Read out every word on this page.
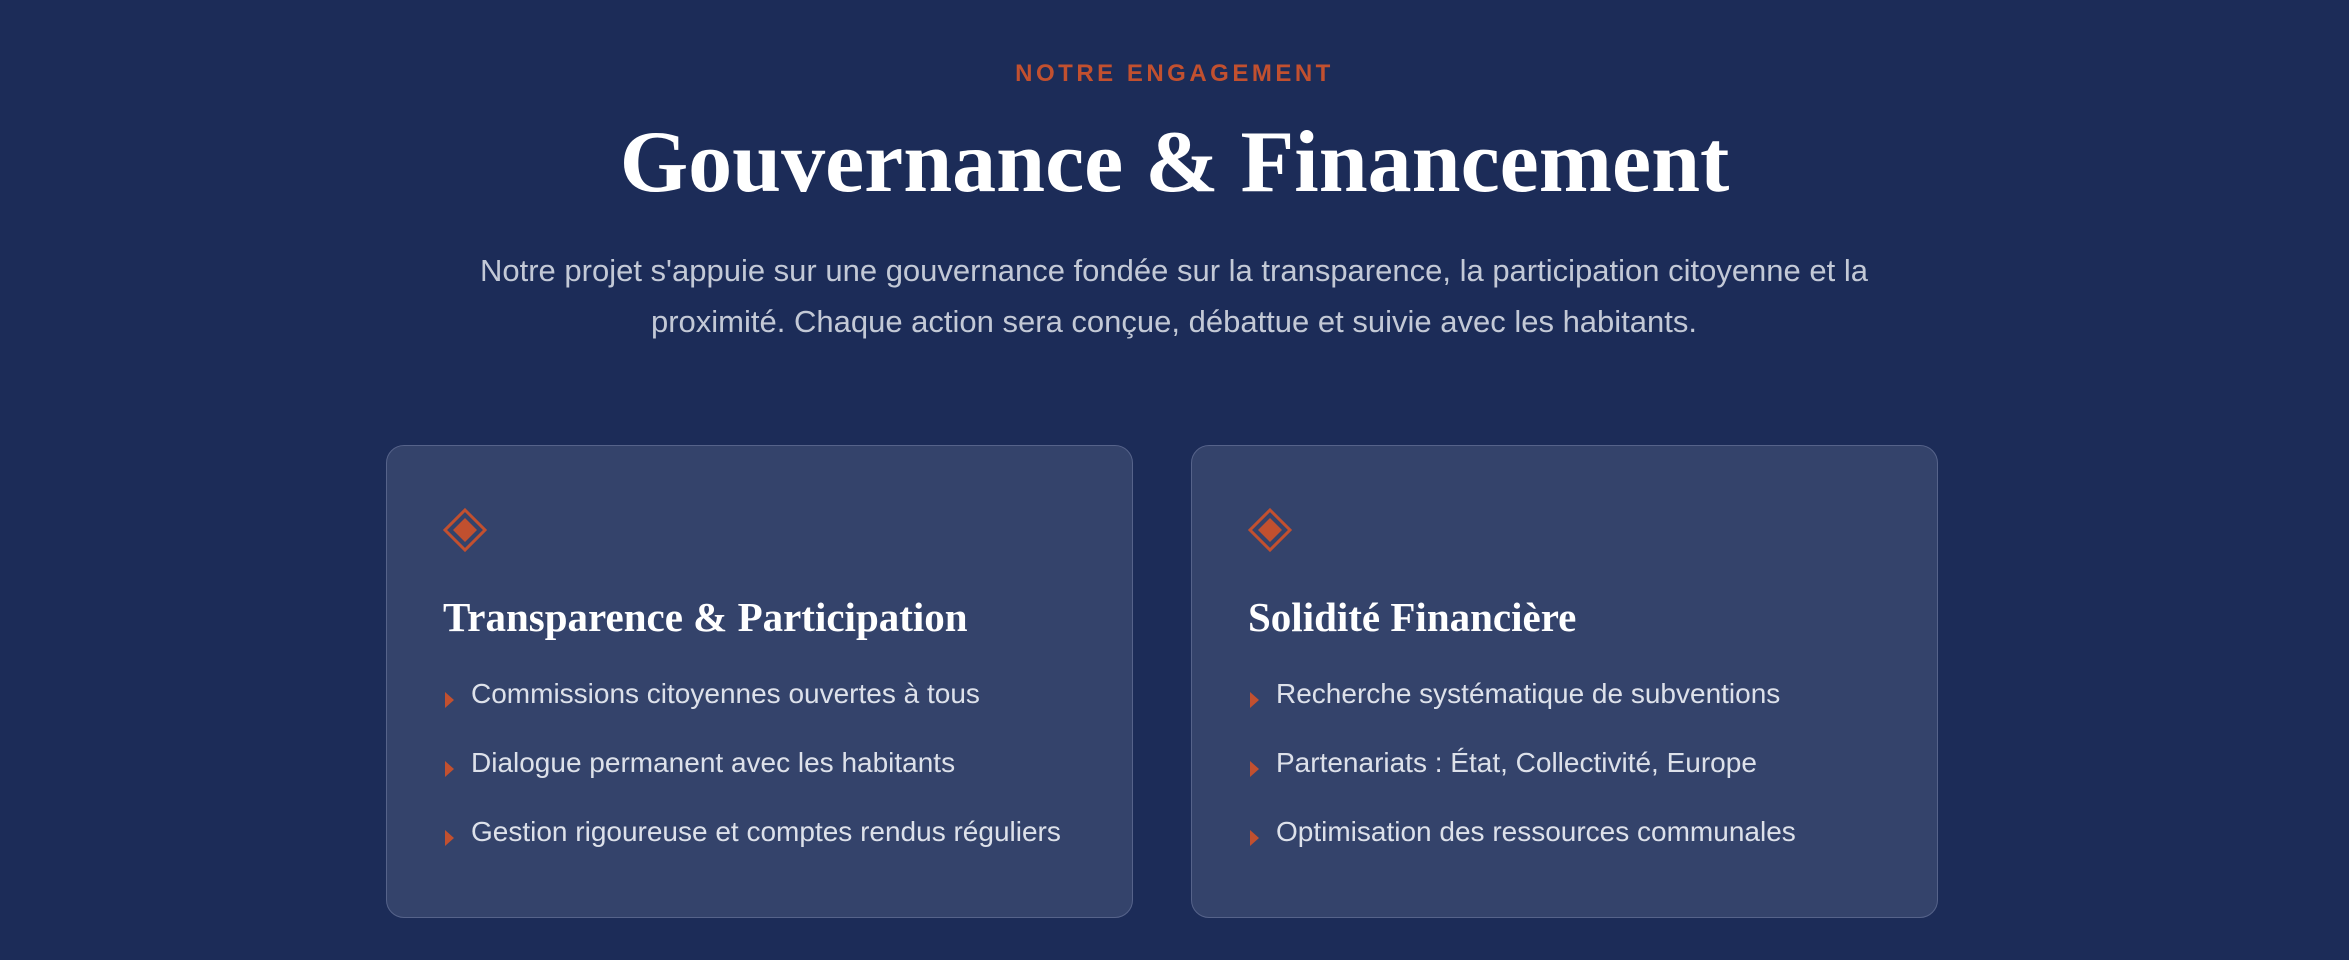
NOTRE ENGAGEMENT
Gouvernance & Financement

Notre projet s'appuie sur une gouvernance fondée sur la transparence, la participation citoyenne et la proximité. Chaque action sera conçue, débattue et suivie avec les habitants.

Transparence & Participation
Commissions citoyennes ouvertes à tous
Dialogue permanent avec les habitants
Gestion rigoureuse et comptes rendus réguliers
Solidité Financière
Recherche systématique de subventions
Partenariats : État, Collectivité, Europe
Optimisation des ressources communales
